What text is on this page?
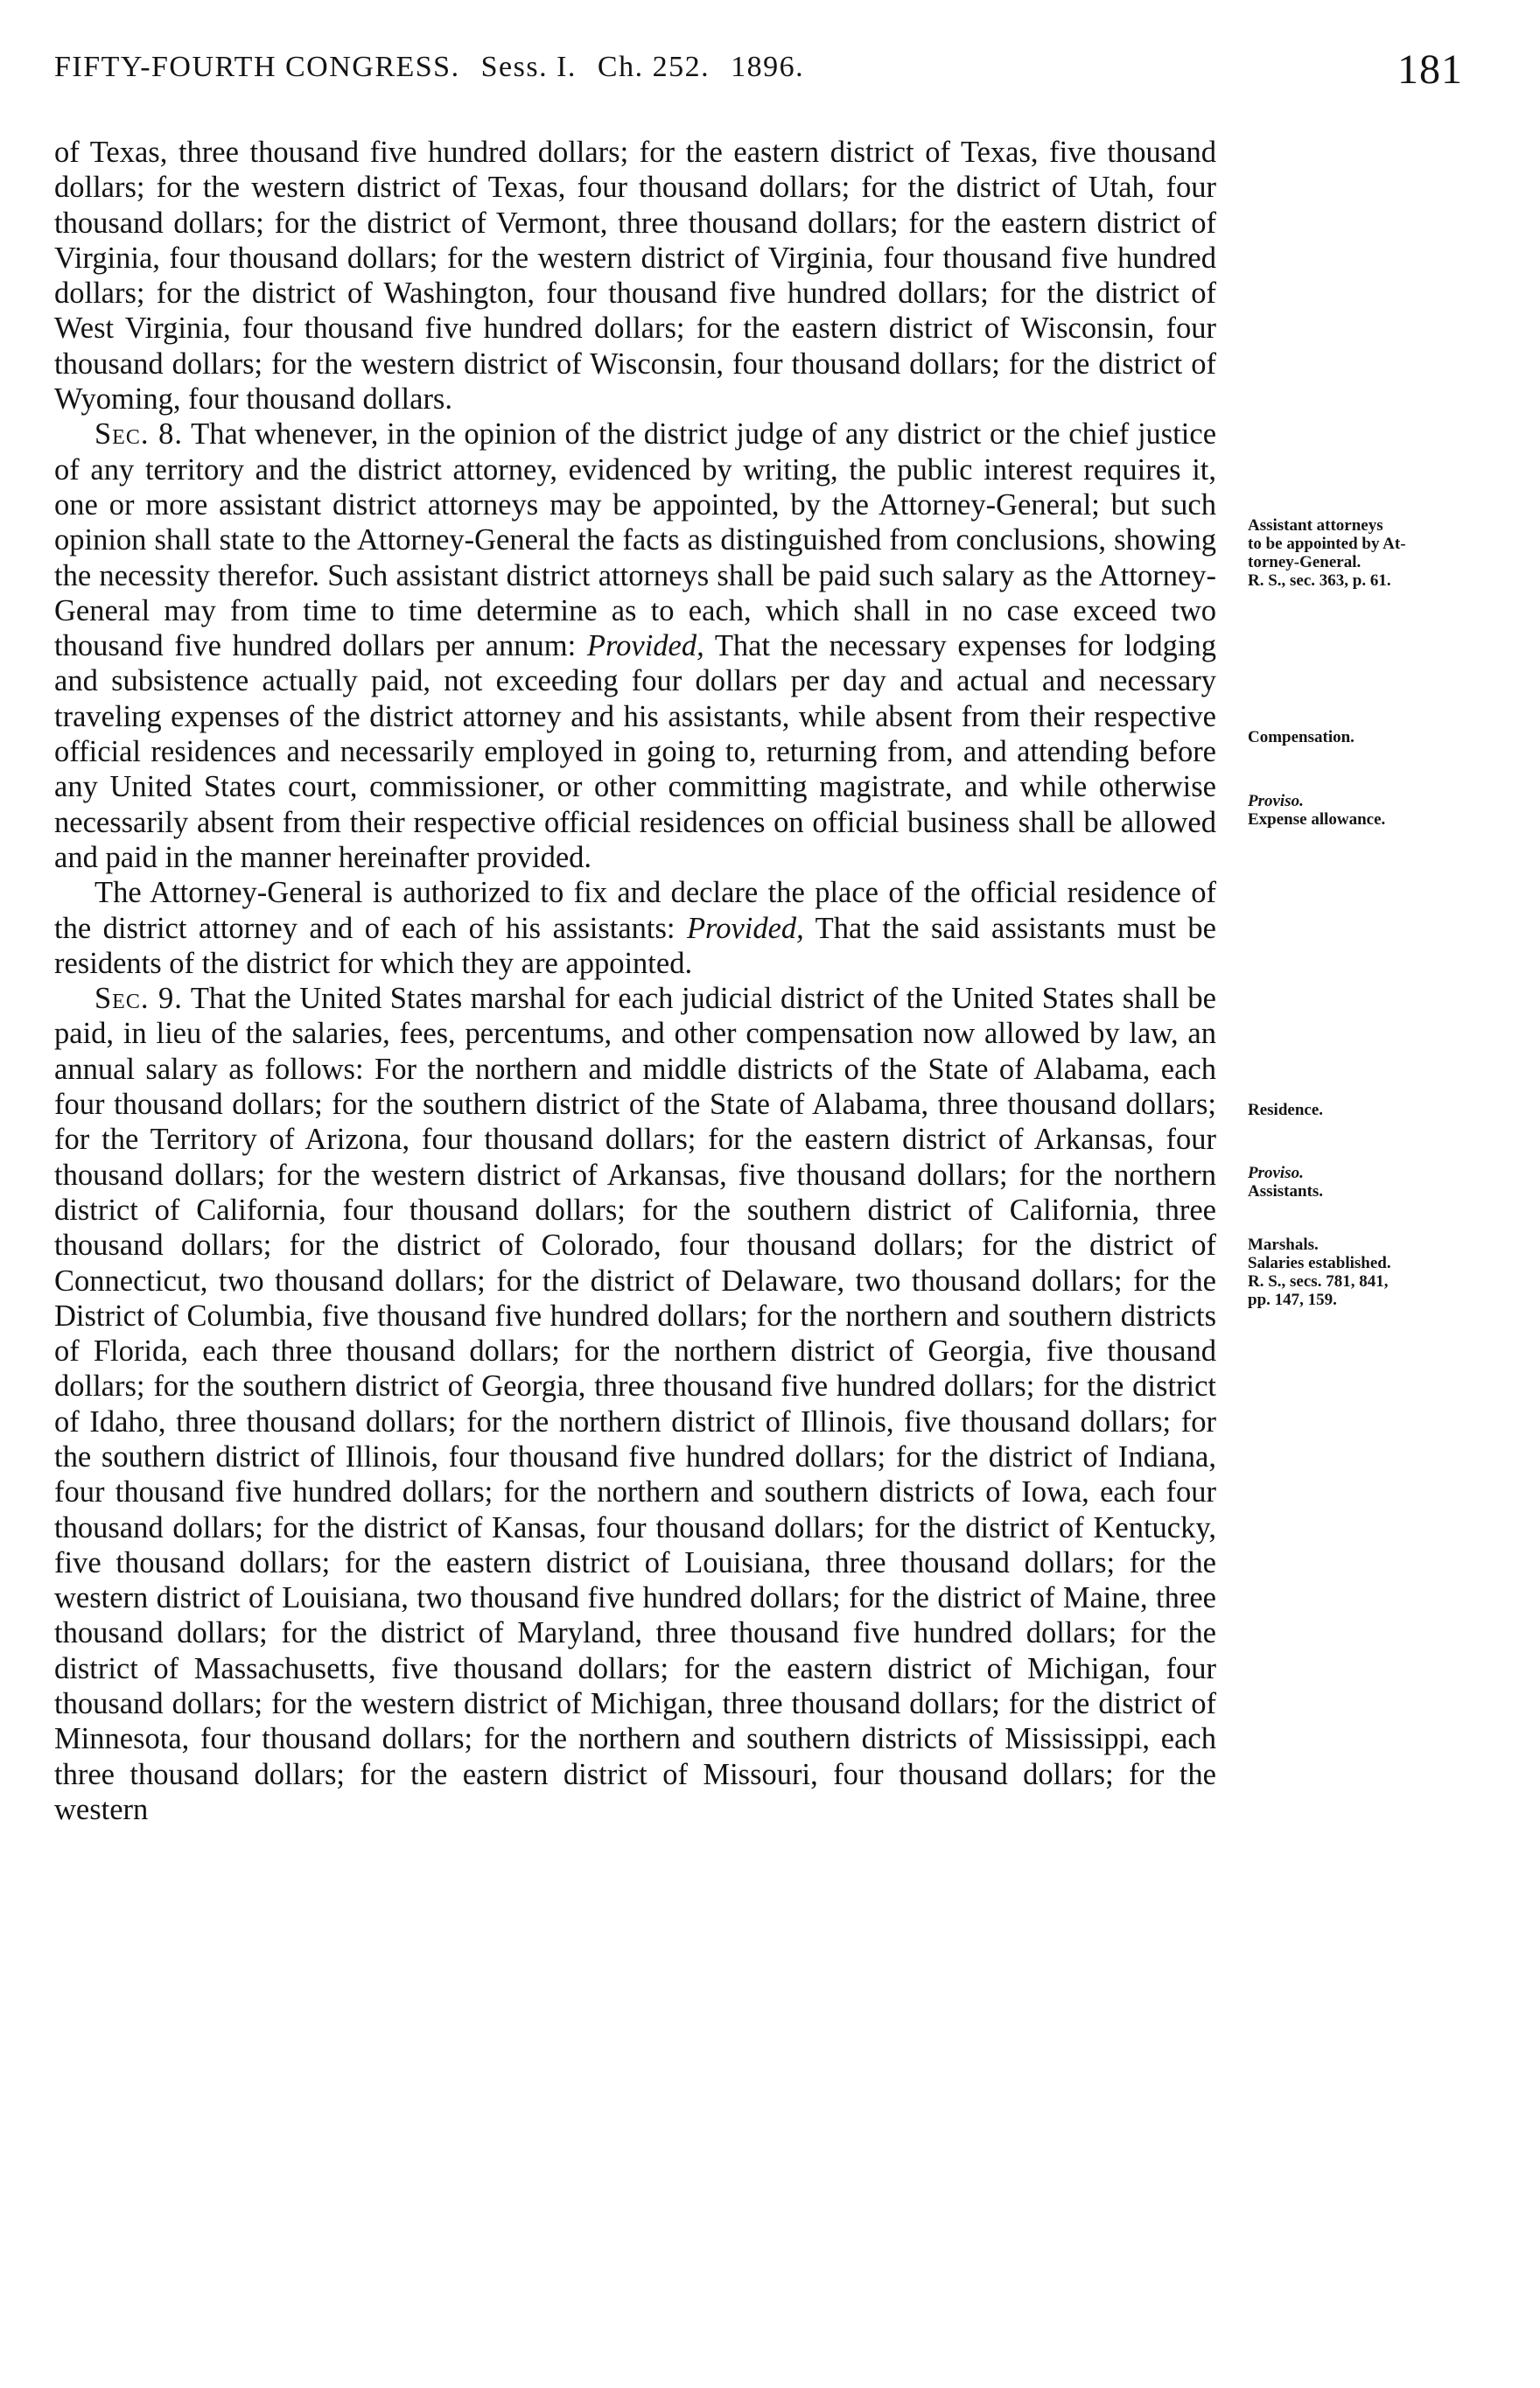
FIFTY-FOURTH CONGRESS. Sess. I. Ch. 252. 1896.	181

of Texas, three thousand five hundred dollars; for the eastern district of Texas, five thousand dollars; for the western district of Texas, four thousand dollars; for the district of Utah, four thousand dollars; for the district of Vermont, three thousand dollars; for the eastern district of Virginia, four thousand dollars; for the western district of Virginia, four thousand five hundred dollars; for the district of Washington, four thousand five hundred dollars; for the district of West Virginia, four thousand five hundred dollars; for the eastern district of Wisconsin, four thousand dollars; for the western district of Wisconsin, four thousand dollars; for the district of Wyoming, four thousand dollars.

Sec. 8. That whenever, in the opinion of the district judge of any district or the chief justice of any territory and the district attorney, evidenced by writing, the public interest requires it, one or more assistant district attorneys may be appointed, by the Attorney-General; but such opinion shall state to the Attorney-General the facts as distinguished from conclusions, showing the necessity therefor. Such assistant district attorneys shall be paid such salary as the Attorney-General may from time to time determine as to each, which shall in no case exceed two thousand five hundred dollars per annum: Provided, That the necessary expenses for lodging and subsistence actually paid, not exceeding four dollars per day and actual and necessary traveling expenses of the district attorney and his assistants, while absent from their respective official residences and necessarily employed in going to, returning from, and attending before any United States court, commissioner, or other committing magistrate, and while otherwise necessarily absent from their respective official residences on official business shall be allowed and paid in the manner hereinafter provided.

The Attorney-General is authorized to fix and declare the place of the official residence of the district attorney and of each of his assistants: Provided, That the said assistants must be residents of the district for which they are appointed.

Sec. 9. That the United States marshal for each judicial district of the United States shall be paid, in lieu of the salaries, fees, percentums, and other compensation now allowed by law, an annual salary as follows: For the northern and middle districts of the State of Alabama, each four thousand dollars; for the southern district of the State of Alabama, three thousand dollars; for the Territory of Arizona, four thousand dollars; for the eastern district of Arkansas, four thousand dollars; for the western district of Arkansas, five thousand dollars; for the northern district of California, four thousand dollars; for the southern district of California, three thousand dollars; for the district of Colorado, four thousand dollars; for the district of Connecticut, two thousand dollars; for the district of Delaware, two thousand dollars; for the District of Columbia, five thousand five hundred dollars; for the northern and southern districts of Florida, each three thousand dollars; for the northern district of Georgia, five thousand dollars; for the southern district of Georgia, three thousand five hundred dollars; for the district of Idaho, three thousand dollars; for the northern district of Illinois, five thousand dollars; for the southern district of Illinois, four thousand five hundred dollars; for the district of Indiana, four thousand five hundred dollars; for the northern and southern districts of Iowa, each four thousand dollars; for the district of Kansas, four thousand dollars; for the district of Kentucky, five thousand dollars; for the eastern district of Louisiana, three thousand dollars; for the western district of Louisiana, two thousand five hundred dollars; for the district of Maine, three thousand dollars; for the district of Maryland, three thousand five hundred dollars; for the district of Massachusetts, five thousand dollars; for the eastern district of Michigan, four thousand dollars; for the western district of Michigan, three thousand dollars; for the district of Minnesota, four thousand dollars; for the northern and southern districts of Mississippi, each three thousand dollars; for the eastern district of Missouri, four thousand dollars; for the western

Assistant attorneys
to be appointed by At-
torney-General.
R. S., sec. 363, p. 61.
Compensation.
Proviso.
Expense allowance.
Residence.
Proviso.
Assistants.
Marshals.
Salaries established.
R. S., secs. 781, 841,
pp. 147, 159.
